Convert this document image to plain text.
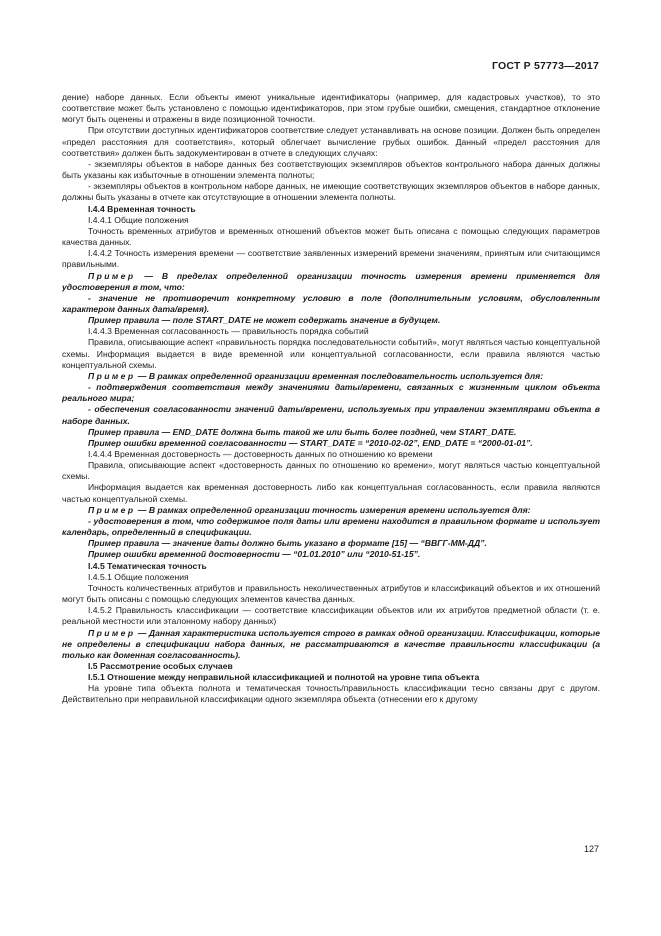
ГОСТ Р 57773—2017

дение) наборе данных. Если объекты имеют уникальные идентификаторы (например, для кадастровых участков), то это соответствие может быть установлено с помощью идентификаторов, при этом грубые ошибки, смещения, стандартное отклонение могут быть оценены и отражены в виде позиционной точности.

При отсутствии доступных идентификаторов соответствие следует устанавливать на основе позиции. Должен быть определен «предел расстояния для соответствия», который облегчает вычисление грубых ошибок. Данный «предел расстояния для соответствия» должен быть задокументирован в отчете в следующих случаях:

- экземпляры объектов в наборе данных без соответствующих экземпляров объектов контрольного набора данных должны быть указаны как избыточные в отношении элемента полноты;

- экземпляры объектов в контрольном наборе данных, не имеющие соответствующих экземпляров объектов в наборе данных, должны быть указаны в отчете как отсутствующие в отношении элемента полноты.

I.4.4 Временная точность

I.4.4.1 Общие положения

Точность временных атрибутов и временных отношений объектов может быть описана с помощью следующих параметров качества данных.

I.4.4.2 Точность измерения времени — соответствие заявленных измерений времени значениям, принятым или считающимся правильными.

Пример — В пределах определенной организации точность измерения времени применяется для удостоверения в том, что:

- значение не противоречит конкретному условию в поле (дополнительным условиям, обусловленным характером данных дата/время).

Пример правила — поле START_DATE не может содержать значение в будущем.

I.4.4.3 Временная согласованность — правильность порядка событий

Правила, описывающие аспект «правильность порядка последовательности событий», могут являться частью концептуальной схемы. Информация выдается в виде временной или концептуальной согласованности, если правила являются частью концептуальной схемы.

Пример — В рамках определенной организации временная последовательность используется для:

- подтверждения соответствия между значениями даты/времени, связанных с жизненным циклом объекта реального мира;

- обеспечения согласованности значений даты/времени, используемых при управлении экземплярами объекта в наборе данных.

Пример правила — END_DATE должна быть такой же или быть более поздней, чем START_DATE.

Пример ошибки временной согласованности — START_DATE = “2010-02-02”, END_DATE = “2000-01-01”.

I.4.4.4 Временная достоверность — достоверность данных по отношению ко времени

Правила, описывающие аспект «достоверность данных по отношению ко времени», могут являться частью концептуальной схемы.

Информация выдается как временная достоверность либо как концептуальная согласованность, если правила являются частью концептуальной схемы.

Пример — В рамках определенной организации точность измерения времени используется для:

- удостоверения в том, что содержимое поля даты или времени находится в правильном формате и использует календарь, определенный в спецификации.

Пример правила — значение даты должно быть указано в формате [15] — “ВВГГ-ММ-ДД”.

Пример ошибки временной достоверности — “01.01.2010” или “2010-51-15”.

I.4.5 Тематическая точность

I.4.5.1 Общие положения

Точность количественных атрибутов и правильность неколичественных атрибутов и классификаций объектов и их отношений могут быть описаны с помощью следующих элементов качества данных.

I.4.5.2 Правильность классификации — соответствие классификации объектов или их атрибутов предметной области (т. е. реальной местности или эталонному набору данных)

Пример — Данная характеристика используется строго в рамках одной организации. Классификации, которые не определены в спецификации набора данных, не рассматриваются в качестве правильности классификации (а только как доменная согласованность).

I.5 Рассмотрение особых случаев

I.5.1 Отношение между неправильной классификацией и полнотой на уровне типа объекта

На уровне типа объекта полнота и тематическая точность/правильность классификации тесно связаны друг с другом. Действительно при неправильной классификации одного экземпляра объекта (отнесении его к другому

127
